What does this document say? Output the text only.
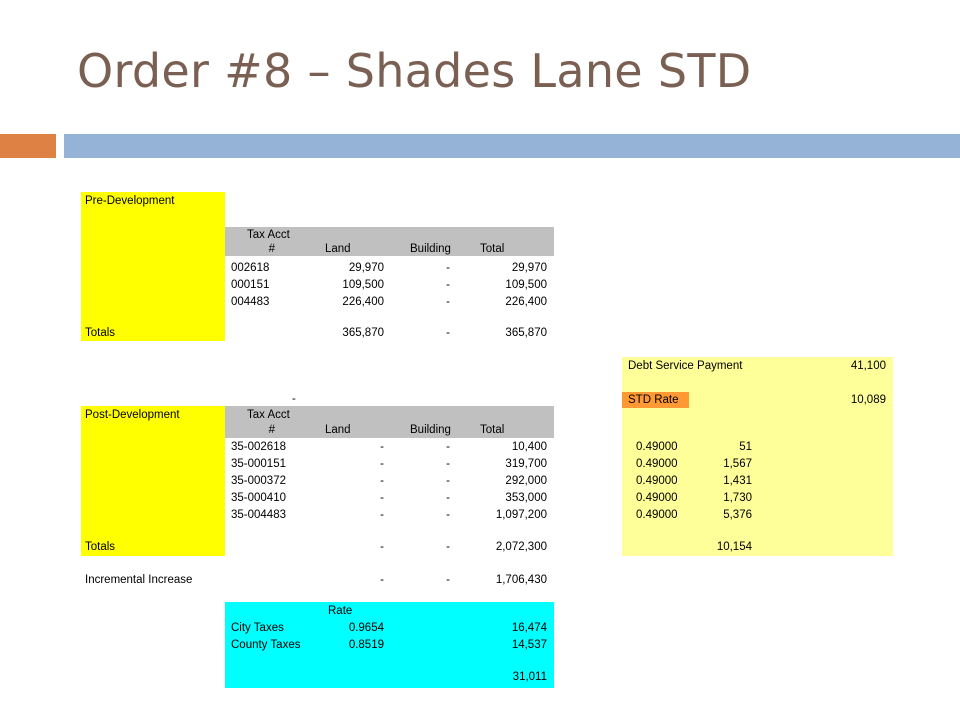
Order #8 – Shades Lane STD
Pre-Development
Tax Acct
#	Land	Building	Total
002618	29,970	-	29,970
000151	109,500	-	109,500
004483	226,400	-	226,400
Totals	365,870	-	365,870
-
Post-Development	Tax Acct
#	Land	Building	Total
35-002618	-	-	10,400
35-000151	-	-	319,700
35-000372	-	-	292,000
35-000410	-	-	353,000
35-004483	-	-	1,097,200
Totals	-	-	2,072,300
Incremental Increase	-	-	1,706,430
Debt Service Payment	41,100
STD Rate	10,089
0.49000	51
0.49000	1,567
0.49000	1,431
0.49000	1,730
0.49000	5,376
10,154
Rate
City Taxes	0.9654	16,474
County Taxes	0.8519	14,537
31,011
